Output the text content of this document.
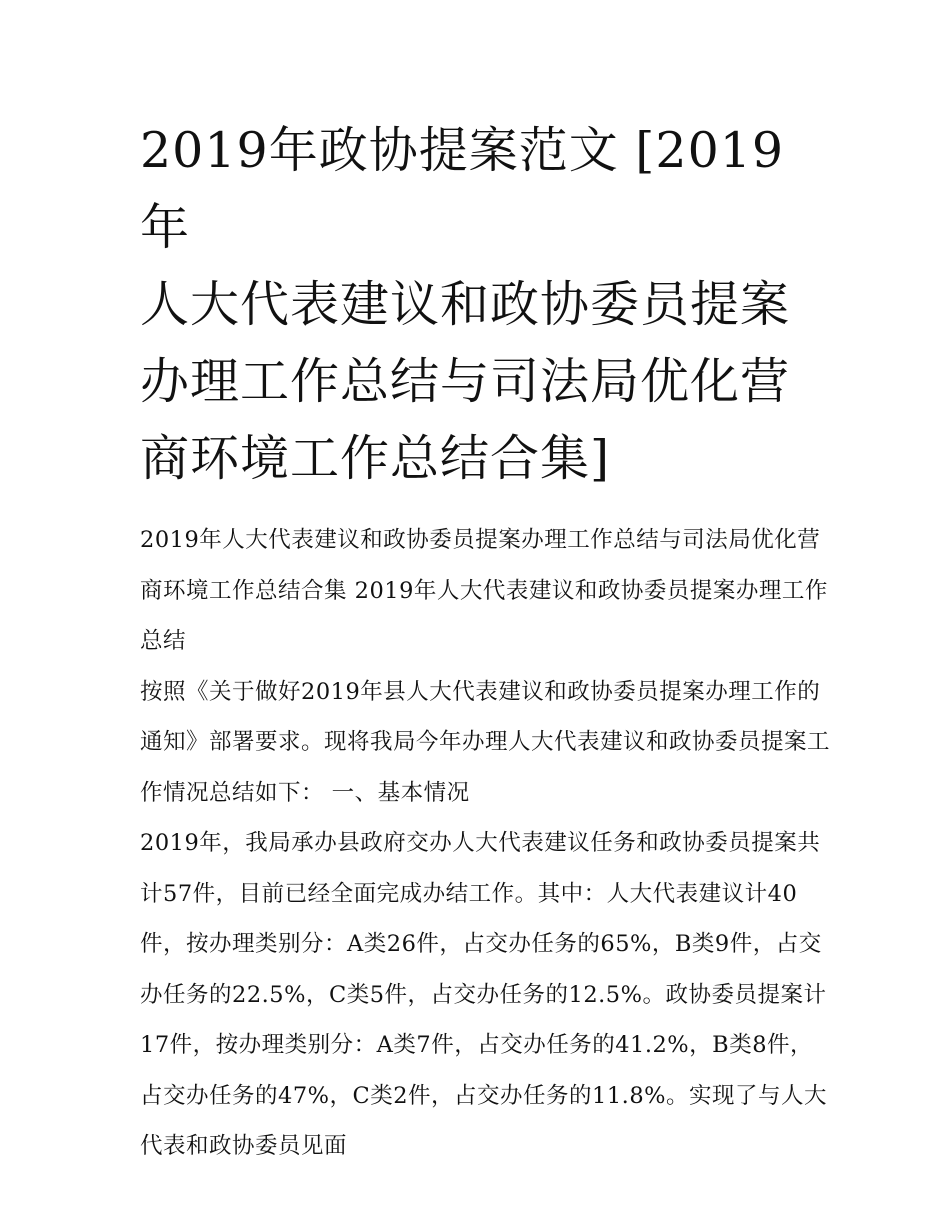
2019年政协提案范文 [2019年
人大代表建议和政协委员提案
办理工作总结与司法局优化营
商环境工作总结合集]

2019年人大代表建议和政协委员提案办理工作总结与司法局优化营商环境工作总结合集 2019年人大代表建议和政协委员提案办理工作总结

按照《关于做好2019年县人大代表建议和政协委员提案办理工作的通知》部署要求。现将我局今年办理人大代表建议和政协委员提案工作情况总结如下： 一、基本情况

2019年，我局承办县政府交办人大代表建议任务和政协委员提案共计57件，目前已经全面完成办结工作。其中：人大代表建议计40件，按办理类别分：A类26件，占交办任务的65%，B类9件，占交办任务的22.5%，C类5件，占交办任务的12.5%。政协委员提案计17件，按办理类别分：A类7件，占交办任务的41.2%，B类8件，占交办任务的47%，C类2件，占交办任务的11.8%。实现了与人大代表和政协委员见面
